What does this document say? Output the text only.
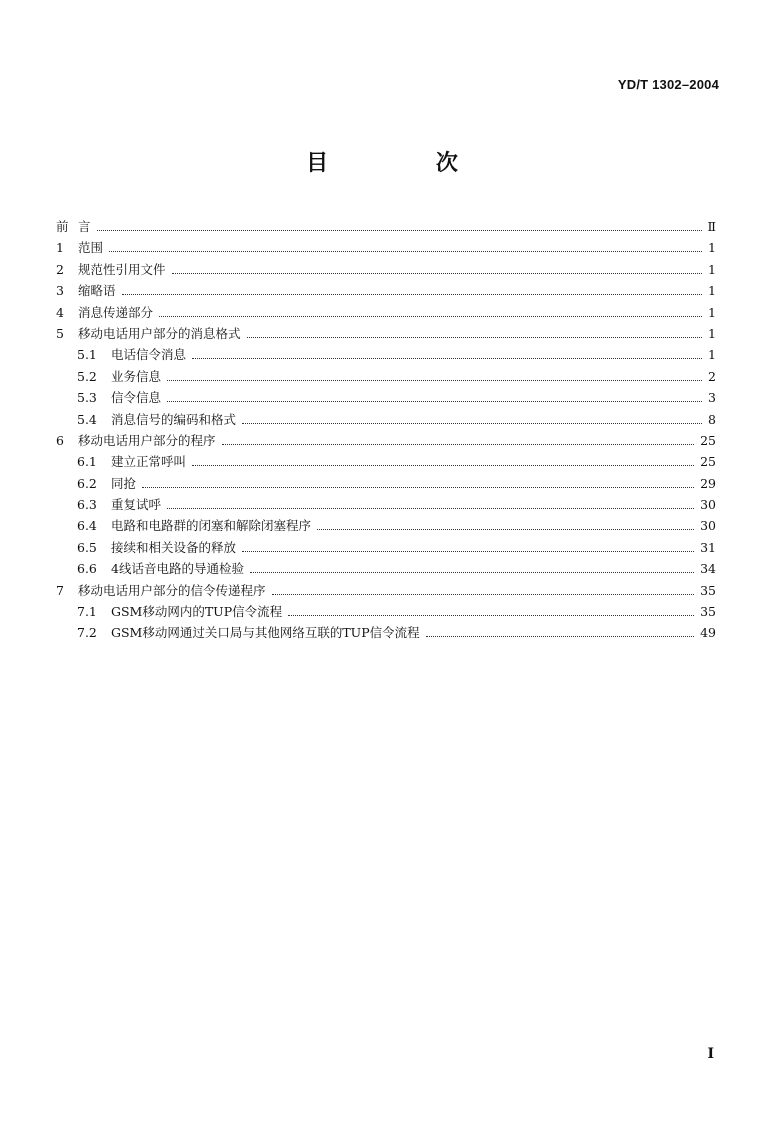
YD/T 1302–2004
目 次
前 言	Ⅱ
1	范围	1
2	规范性引用文件	1
3	缩略语	1
4	消息传递部分	1
5	移动电话用户部分的消息格式	1
5.1	电话信令消息	1
5.2	业务信息	2
5.3	信令信息	3
5.4	消息信号的编码和格式	8
6	移动电话用户部分的程序	25
6.1	建立正常呼叫	25
6.2	同抢	29
6.3	重复试呼	30
6.4	电路和电路群的闭塞和解除闭塞程序	30
6.5	接续和相关设备的释放	31
6.6	4线话音电路的导通检验	34
7	移动电话用户部分的信令传递程序	35
7.1	GSM移动网内的TUP信令流程	35
7.2	GSM移动网通过关口局与其他网络互联的TUP信令流程	49
I
